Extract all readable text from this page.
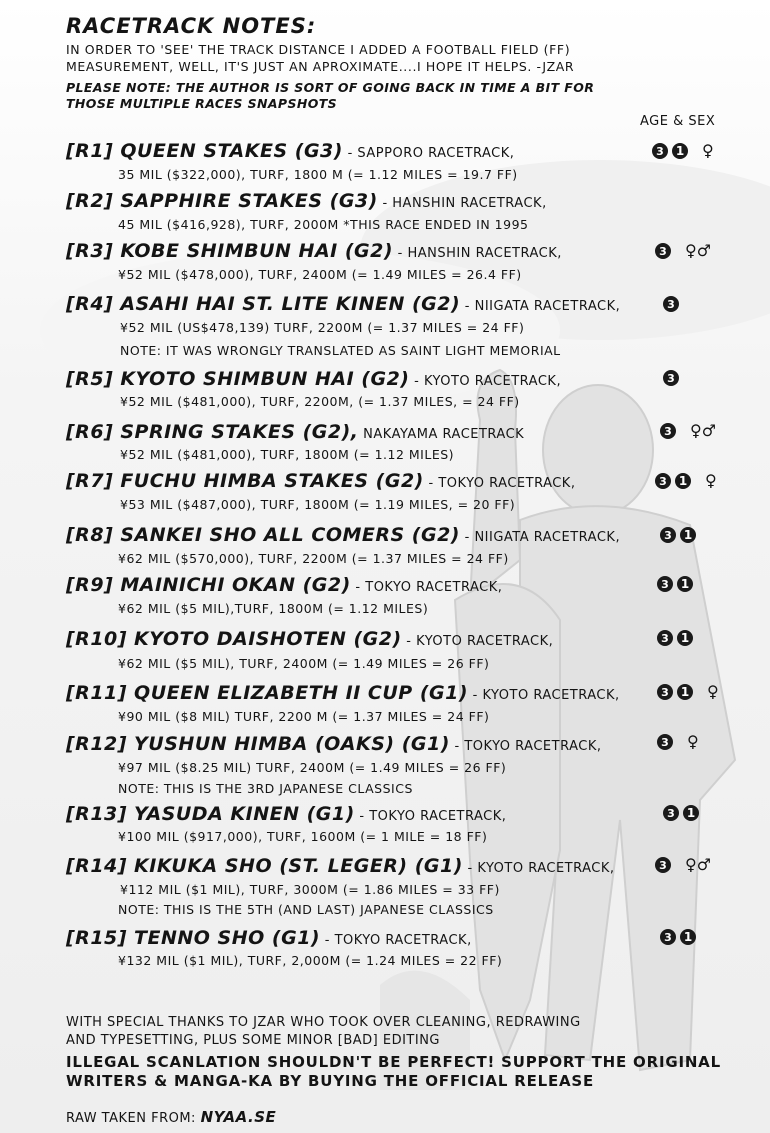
RACETRACK NOTES:
IN ORDER TO 'SEE' THE TRACK DISTANCE I ADDED A FOOTBALL FIELD (FF)
MEASUREMENT, WELL, IT'S JUST AN APROXIMATE....I HOPE IT HELPS. -JZAR
PLEASE NOTE: THE AUTHOR IS SORT OF GOING BACK IN TIME A BIT FOR
THOSE MULTIPLE RACES SNAPSHOTS
AGE & SEX
[R1] QUEEN STAKES (G3) - SAPPORO RACETRACK,
35 MIL ($322,000), TURF, 1800 M (= 1.12 MILES = 19.7 FF)
3 1 ♀
[R2] SAPPHIRE STAKES (G3) - HANSHIN RACETRACK,
45 MIL ($416,928), TURF, 2000M *THIS RACE ENDED IN 1995
[R3] KOBE SHIMBUN HAI (G2) - HANSHIN RACETRACK,
¥52 MIL ($478,000), TURF, 2400M (= 1.49 MILES = 26.4 FF)
3 ♀♂
[R4] ASAHI HAI ST. LITE KINEN (G2) - NIIGATA RACETRACK,
¥52 MIL (US$478,139) TURF, 2200M (= 1.37 MILES = 24 FF)
NOTE: IT WAS WRONGLY TRANSLATED AS SAINT LIGHT MEMORIAL
3
[R5] KYOTO SHIMBUN HAI (G2) - KYOTO RACETRACK,
¥52 MIL ($481,000), TURF, 2200M, (= 1.37 MILES, = 24 FF)
3
[R6] SPRING STAKES (G2), NAKAYAMA RACETRACK
¥52 MIL ($481,000), TURF, 1800M (= 1.12 MILES)
3 ♀♂
[R7] FUCHU HIMBA STAKES (G2) - TOKYO RACETRACK,
¥53 MIL ($487,000), TURF, 1800M (= 1.19 MILES, = 20 FF)
3 1 ♀
[R8] SANKEI SHO ALL COMERS (G2) - NIIGATA RACETRACK,
¥62 MIL ($570,000), TURF, 2200M (= 1.37 MILES = 24 FF)
3 1
[R9] MAINICHI OKAN (G2) - TOKYO RACETRACK,
¥62 MIL ($5 MIL),TURF, 1800M (= 1.12 MILES)
3 1
[R10] KYOTO DAISHOTEN (G2) - KYOTO RACETRACK,
¥62 MIL ($5 MIL), TURF, 2400M (= 1.49 MILES = 26 FF)
3 1
[R11] QUEEN ELIZABETH II CUP (G1) - KYOTO RACETRACK,
¥90 MIL ($8 MIL) TURF, 2200 M (= 1.37 MILES = 24 FF)
3 1 ♀
[R12] YUSHUN HIMBA (OAKS) (G1) - TOKYO RACETRACK,
¥97 MIL ($8.25 MIL) TURF, 2400M (= 1.49 MILES = 26 FF)
NOTE: THIS IS THE 3RD JAPANESE CLASSICS
3 ♀
[R13] YASUDA KINEN (G1) - TOKYO RACETRACK,
¥100 MIL ($917,000), TURF, 1600M (= 1 MILE = 18 FF)
3 1
[R14] KIKUKA SHO (ST. LEGER) (G1) - KYOTO RACETRACK,
¥112 MIL ($1 MIL), TURF, 3000M (= 1.86 MILES = 33 FF)
NOTE: THIS IS THE 5TH (AND LAST) JAPANESE CLASSICS
3 ♀♂
[R15] TENNO SHO (G1) - TOKYO RACETRACK,
¥132 MIL ($1 MIL), TURF, 2,000M (= 1.24 MILES = 22 FF)
3 1
WITH SPECIAL THANKS TO JZAR WHO TOOK OVER CLEANING, REDRAWING
AND TYPESETTING, PLUS SOME MINOR [BAD] EDITING
ILLEGAL SCANLATION SHOULDN'T BE PERFECT! SUPPORT THE ORIGINAL
WRITERS & MANGA-KA BY BUYING THE OFFICIAL RELEASE
RAW TAKEN FROM: NYAA.SE
